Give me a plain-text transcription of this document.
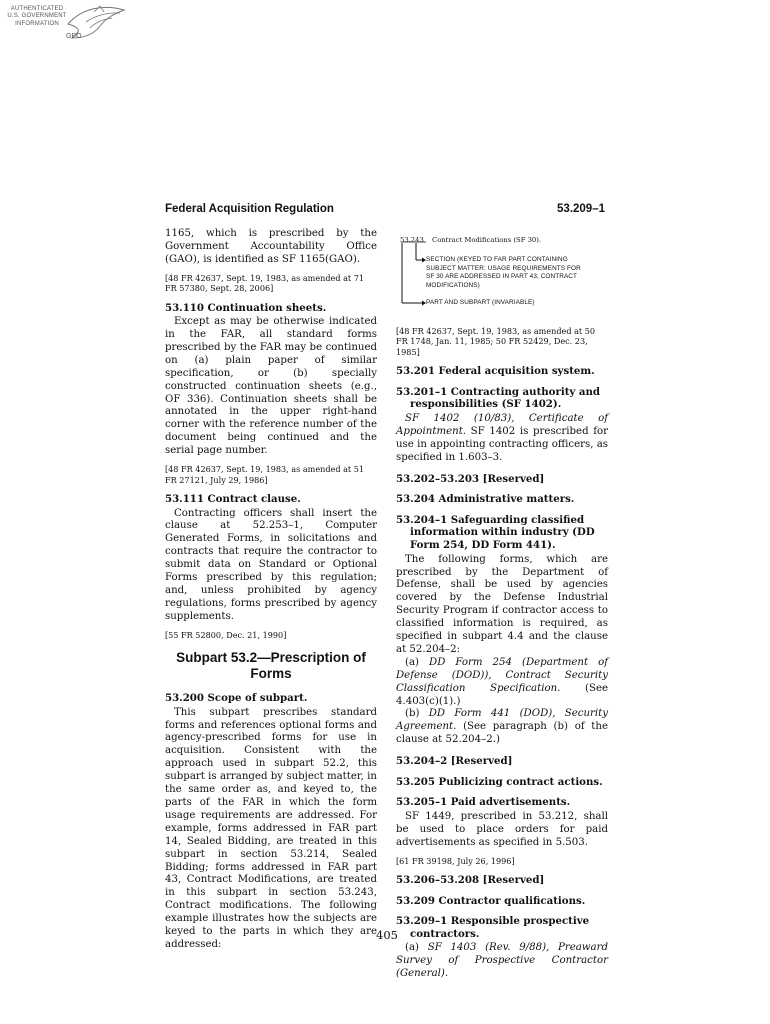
AUTHENTICATED
U.S. GOVERNMENT
INFORMATION
GPO
Federal Acquisition Regulation	53.209–1

1165, which is prescribed by the Government Accountability Office (GAO), is identified as SF 1165(GAO).

[48 FR 42637, Sept. 19, 1983, as amended at 71 FR 57380, Sept. 28, 2006]

53.110 Continuation sheets.

Except as may be otherwise indicated in the FAR, all standard forms prescribed by the FAR may be continued on (a) plain paper of similar specification, or (b) specially constructed continuation sheets (e.g., OF 336). Continuation sheets shall be annotated in the upper right-hand corner with the reference number of the document being continued and the serial page number.

[48 FR 42637, Sept. 19, 1983, as amended at 51 FR 27121, July 29, 1986]

53.111 Contract clause.

Contracting officers shall insert the clause at 52.253–1, Computer Generated Forms, in solicitations and contracts that require the contractor to submit data on Standard or Optional Forms prescribed by this regulation; and, unless prohibited by agency regulations, forms prescribed by agency supplements.

[55 FR 52800, Dec. 21, 1990]

Subpart 53.2—Prescription of Forms
53.200 Scope of subpart.

This subpart prescribes standard forms and references optional forms and agency-prescribed forms for use in acquisition. Consistent with the approach used in subpart 52.2, this subpart is arranged by subject matter, in the same order as, and keyed to, the parts of the FAR in which the form usage requirements are addressed. For example, forms addressed in FAR part 14, Sealed Bidding, are treated in this subpart in section 53.214, Sealed Bidding; forms addressed in FAR part 43, Contract Modifications, are treated in this subpart in section 53.243, Contract modifications. The following example illustrates how the subjects are keyed to the parts in which they are addressed:

53.243 Contract Modifications (SF 30).
SECTION (KEYED TO FAR PART CONTAINING SUBJECT MATTER; USAGE REQUIREMENTS FOR SF 30 ARE ADDRESSED IN PART 43, CONTRACT MODIFICATIONS)
PART AND SUBPART (INVARIABLE)

[48 FR 42637, Sept. 19, 1983, as amended at 50 FR 1748, Jan. 11, 1985; 50 FR 52429, Dec. 23, 1985]

53.201 Federal acquisition system.
53.201–1 Contracting authority and responsibilities (SF 1402).

SF 1402 (10/83), Certificate of Appointment. SF 1402 is prescribed for use in appointing contracting officers, as specified in 1.603–3.

53.202–53.203 [Reserved]
53.204 Administrative matters.
53.204–1 Safeguarding classified information within industry (DD Form 254, DD Form 441).

The following forms, which are prescribed by the Department of Defense, shall be used by agencies covered by the Defense Industrial Security Program if contractor access to classified information is required, as specified in subpart 4.4 and the clause at 52.204–2:

(a) DD Form 254 (Department of Defense (DOD)), Contract Security Classification Specification. (See 4.403(c)(1).)

(b) DD Form 441 (DOD), Security Agreement. (See paragraph (b) of the clause at 52.204–2.)

53.204–2 [Reserved]
53.205 Publicizing contract actions.
53.205–1 Paid advertisements.

SF 1449, prescribed in 53.212, shall be used to place orders for paid advertisements as specified in 5.503.

[61 FR 39198, July 26, 1996]

53.206–53.208 [Reserved]
53.209 Contractor qualifications.
53.209–1 Responsible prospective contractors.

(a) SF 1403 (Rev. 9/88), Preaward Survey of Prospective Contractor (General).

405
